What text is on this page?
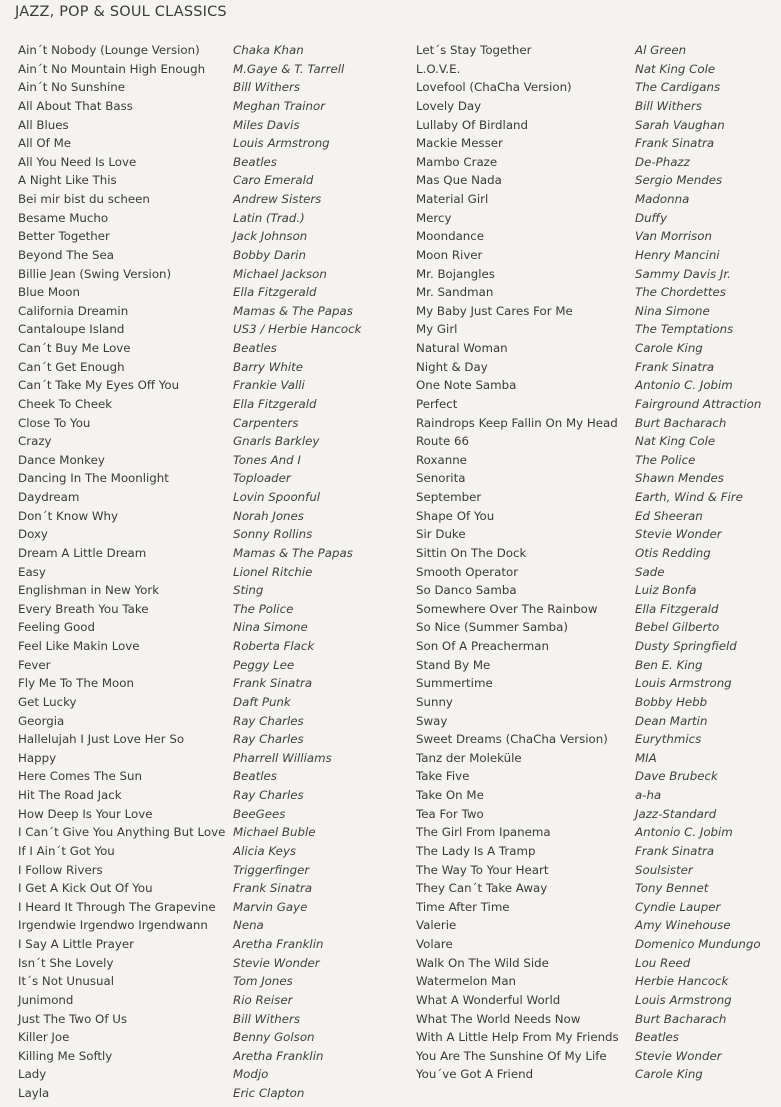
JAZZ, POP & SOUL CLASSICS
Ain´t Nobody (Lounge Version)
Ain´t No Mountain High Enough
Ain´t No Sunshine
All About That Bass
All Blues
All Of Me
All You Need Is Love
A Night Like This
Bei mir bist du scheen
Besame Mucho
Better Together
Beyond The Sea
Billie Jean (Swing Version)
Blue Moon
California Dreamin
Cantaloupe Island
Can´t Buy Me Love
Can´t Get Enough
Can´t Take My Eyes Off You
Cheek To Cheek
Close To You
Crazy
Dance Monkey
Dancing In The Moonlight
Daydream
Don´t Know Why
Doxy
Dream A Little Dream
Easy
Englishman in New York
Every Breath You Take
Feeling Good
Feel Like Makin Love
Fever
Fly Me To The Moon
Get Lucky
Georgia
Hallelujah I Just Love Her So
Happy
Here Comes The Sun
Hit The Road Jack
How Deep Is Your Love
I Can´t Give You Anything But Love
If I Ain´t Got You
I Follow Rivers
I Get A Kick Out Of You
I Heard It Through The Grapevine
Irgendwie Irgendwo Irgendwann
I Say A Little Prayer
Isn´t She Lovely
It´s Not Unusual
Junimond
Just The Two Of Us
Killer Joe
Killing Me Softly
Lady
Layla
Chaka Khan
M.Gaye & T. Tarrell
Bill Withers
Meghan Trainor
Miles Davis
Louis Armstrong
Beatles
Caro Emerald
Andrew Sisters
Latin (Trad.)
Jack Johnson
Bobby Darin
Michael Jackson
Ella Fitzgerald
Mamas & The Papas
US3 / Herbie Hancock
Beatles
Barry White
Frankie Valli
Ella Fitzgerald
Carpenters
Gnarls Barkley
Tones And I
Toploader
Lovin Spoonful
Norah Jones
Sonny Rollins
Mamas & The Papas
Lionel Ritchie
Sting
The Police
Nina Simone
Roberta Flack
Peggy Lee
Frank Sinatra
Daft Punk
Ray Charles
Ray Charles
Pharrell Williams
Beatles
Ray Charles
BeeGees
Michael Buble
Alicia Keys
Triggerfinger
Frank Sinatra
Marvin Gaye
Nena
Aretha Franklin
Stevie Wonder
Tom Jones
Rio Reiser
Bill Withers
Benny Golson
Aretha Franklin
Modjo
Eric Clapton
Let´s Stay Together
L.O.V.E.
Lovefool (ChaCha Version)
Lovely Day
Lullaby Of Birdland
Mackie Messer
Mambo Craze
Mas Que Nada
Material Girl
Mercy
Moondance
Moon River
Mr. Bojangles
Mr. Sandman
My Baby Just Cares For Me
My Girl
Natural Woman
Night & Day
One Note Samba
Perfect
Raindrops Keep Fallin On My Head
Route 66
Roxanne
Senorita
September
Shape Of You
Sir Duke
Sittin On The Dock
Smooth Operator
So Danco Samba
Somewhere Over The Rainbow
So Nice (Summer Samba)
Son Of A Preacherman
Stand By Me
Summertime
Sunny
Sway
Sweet Dreams (ChaCha Version)
Tanz der Moleküle
Take Five
Take On Me
Tea For Two
The Girl From Ipanema
The Lady Is A Tramp
The Way To Your Heart
They Can´t Take Away
Time After Time
Valerie
Volare
Walk On The Wild Side
Watermelon Man
What A Wonderful World
What The World Needs Now
With A Little Help From My Friends
You Are The Sunshine Of My Life
You´ve Got A Friend
Al Green
Nat King Cole
The Cardigans
Bill Withers
Sarah Vaughan
Frank Sinatra
De-Phazz
Sergio Mendes
Madonna
Duffy
Van Morrison
Henry Mancini
Sammy Davis Jr.
The Chordettes
Nina Simone
The Temptations
Carole King
Frank Sinatra
Antonio C. Jobim
Fairground Attraction
Burt Bacharach
Nat King Cole
The Police
Shawn Mendes
Earth, Wind & Fire
Ed Sheeran
Stevie Wonder
Otis Redding
Sade
Luiz Bonfa
Ella Fitzgerald
Bebel Gilberto
Dusty Springfield
Ben E. King
Louis Armstrong
Bobby Hebb
Dean Martin
Eurythmics
MIA
Dave Brubeck
a-ha
Jazz-Standard
Antonio C. Jobim
Frank Sinatra
Soulsister
Tony Bennet
Cyndie Lauper
Amy Winehouse
Domenico Mundungo
Lou Reed
Herbie Hancock
Louis Armstrong
Burt Bacharach
Beatles
Stevie Wonder
Carole King
